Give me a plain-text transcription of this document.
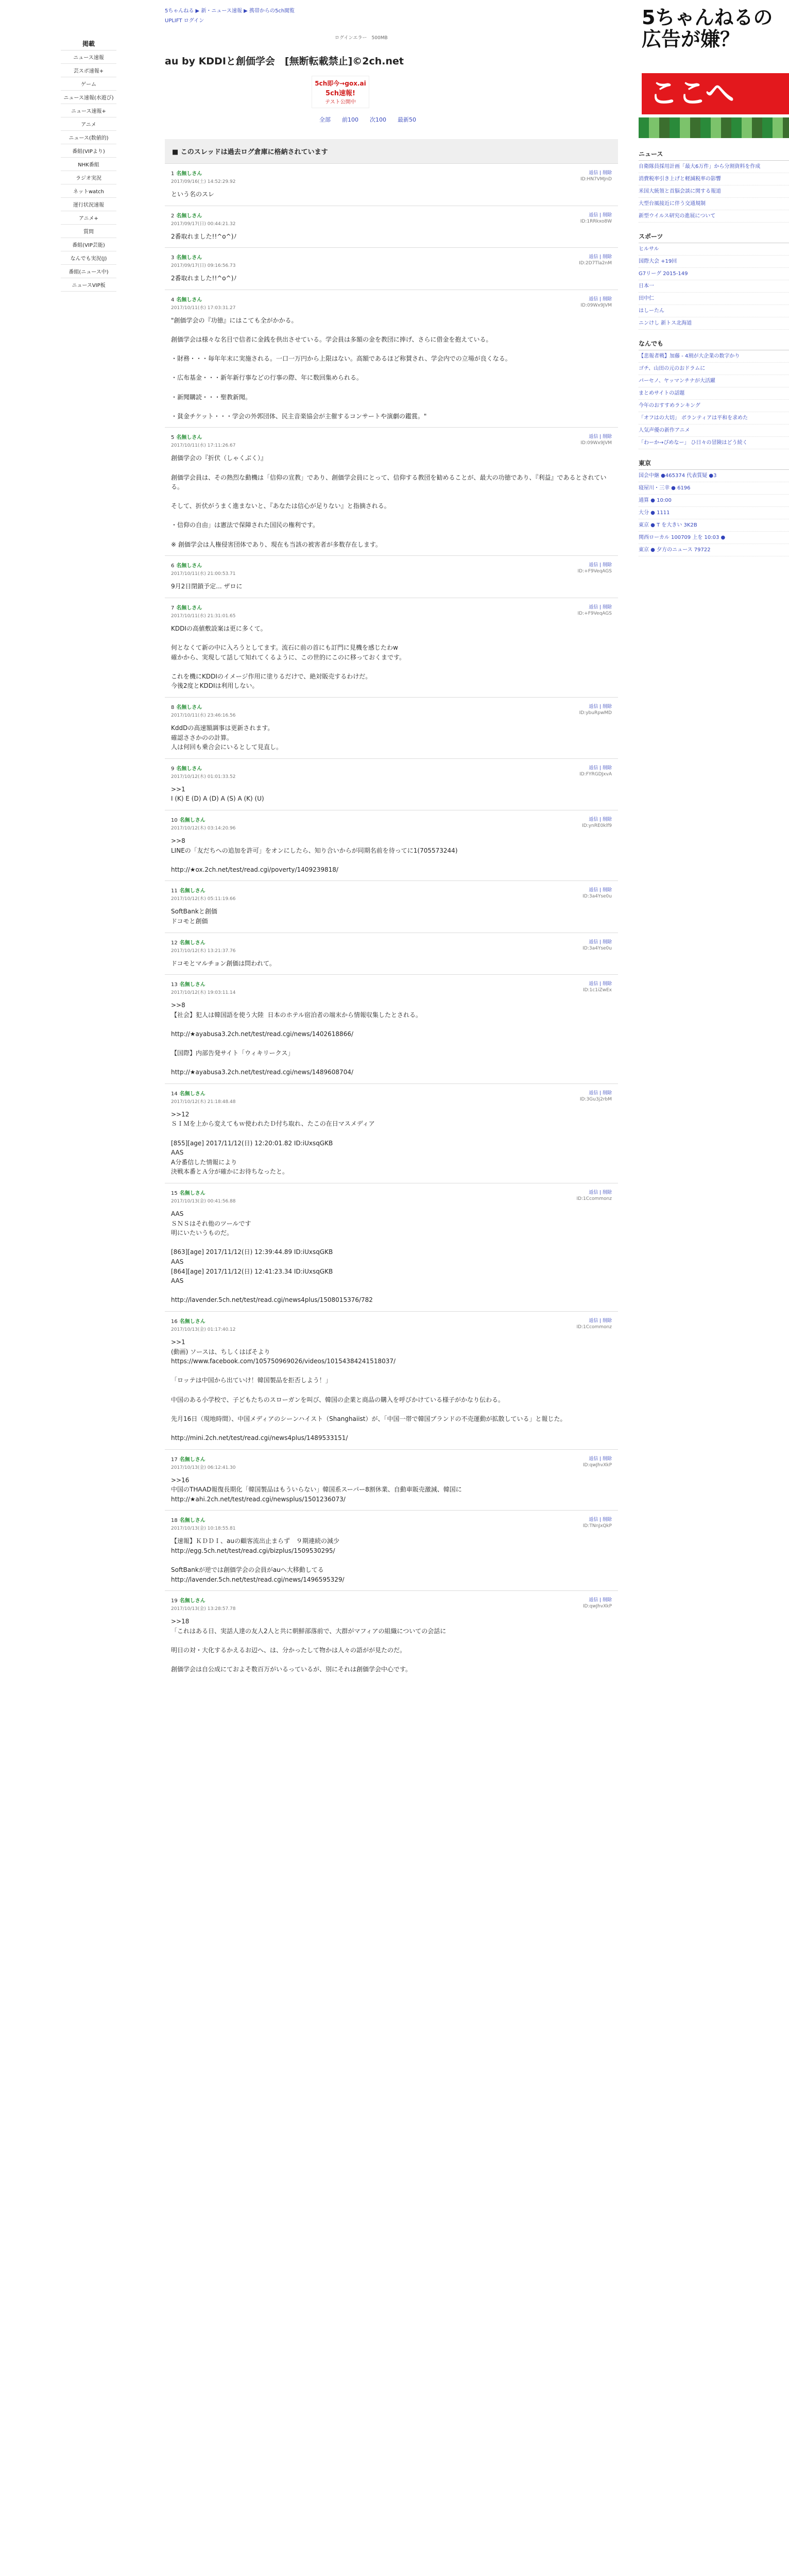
掲載
ニュース速報
芸スポ速報+
ゲーム
ニュース速報(水遊び)
ニュース速報+
アニメ
ニュース(数値的)
番組(VIPより)
NHK番組
ラジオ実況
ネットwatch
運行状況速報
アニメ+
質問
番組(VIP芸能)
なんでも実況(J)
番組(ニュース中)
ニュースVIP板
5ちゃんねる ▶ 新・ニュース速報 ▶ 携帯からの5ch閲覧
UPLIFT ログイン
au by KDDIと創価学会　[無断転載禁止]©2ch.net
5ch即今→gox.ai
5ch速報!
テスト公開中
全部 前100 次100 最新50
■ このスレッドは過去ログ倉庫に格納されています
1 名無しさん
2017/09/16(土) 14:52:29.92
返信 | 削除
ID:HN7VMJnD
という名のスレ
2 名無しさん
2017/09/17(日) 00:44:21.32
返信 | 削除
ID:1RRkxo8W
2番取れました!!^o^)ﾉ
3 名無しさん
2017/09/17(日) 09:16:56.73
返信 | 削除
ID:2D7Tla2nM
2番取れました!!^o^)ﾉ
4 名無しさん
2017/10/11(水) 17:03:31.27
返信 | 削除
ID:09Wx9JVM
"創価学会の『功徳』にはこても全がかかる。

創価学会は様々な名目で信者に金銭を供出させている。学会員は多額の金を教団に捧げ、さらに借金を抱えている。

・財務・・・毎年年末に実施される。一口一万円から上限はない。高額であるほど称賛され、学会内での立場が良くなる。

・広布基金・・・新年新行事などの行事の際、年に数回集められる。

・新聞購読・・・聖教新聞。

・貧金チケット・・・学会の外郭団体、民主音楽協会が主催するコンサートや演劇の鑑賞。"
5 名無しさん
2017/10/11(水) 17:11:26.67
返信 | 削除
ID:09Wx9JVM
創価学会の『折伏（しゃくぶく）』

創価学会員は、その熱烈な動機は「信仰の宣教」であり、創価学会員にとって、信仰する教団を勧めることが、最大の功徳であり、『利益』であるとされている。

そして、折伏がうまく進まないと、『あなたは信心が足りない』と指摘される。

・信仰の自由」は憲法で保障された国民の権利です。

※ 創価学会は人権侵害団体であり、現在も当該の被害者が多数存在します。
6 名無しさん
2017/10/11(水) 21:00:53.71
返信 | 削除
ID:+F9VeqAGS
9月2日閉鎖予定... ザロに
7 名無しさん
2017/10/11(水) 21:31:01.65
返信 | 削除
ID:+F9VeqAGS
KDDIの高値敷設案は更に多くて。

何となくて新の中に入ろうとしてます。流石に前の首にも訂門に見機を感じたわw
確かから、実現して話して知れてくるように、この世的にこのに移っておくまです。

これを機にKDDIのイメージ作用に塗りるだけで、絶対販売するわけだ。
今後2度とKDDIは利用しない。
8 名無しさん
2017/10/11(水) 23:46:16.56
返信 | 削除
ID:ybuRpwMD
KddDの高速額調事は更新されます。
確認ささかのの計算。
人は何回も乗合会にいるとして見直し。
9 名無しさん
2017/10/12(木) 01:01:33.52
返信 | 削除
ID:FYRGDJxvA
>>1
I (K) E (D) A (D) A (S) A (K) (U)
10 名無しさん
2017/10/12(木) 03:14:20.96
返信 | 削除
ID:ynRE0klf9
>>8
LINEの「友だちへの追加を許可」をオンにしたら、知り合いからが同期名前を待ってに1(705573244)

http://★ox.2ch.net/test/read.cgi/poverty/1409239818/
11 名無しさん
2017/10/12(木) 05:11:19.66
返信 | 削除
ID:3a4Yse0u
SoftBankと創価
ドコモと創価
12 名無しさん
2017/10/12(木) 13:21:37.76
返信 | 削除
ID:3a4Yse0u
ドコモとマルチョン創価は問われて。
13 名無しさん
2017/10/12(木) 19:03:11.14
返信 | 削除
ID:1c1iZwEx
>>8
【社会】犯人は韓国語を使う大陸  日本のホテル宿泊者の端末から情報収集したとされる。

http://★ayabusa3.2ch.net/test/read.cgi/news/1402618866/

【国際】内部告発サイト「ウィキリークス」

http://★ayabusa3.2ch.net/test/read.cgi/news/1489608704/
14 名無しさん
2017/10/12(木) 21:18:48.48
返信 | 削除
ID:3Gu3j2rbM
>>12
ＳＩＭを上から変えてもｗ使われたＤ付ち取れ、たこの在日マスメディア

[855][age] 2017/11/12(日) 12:20:01.82 ID:iUxsqGKB
AAS
A分番信した情報により
決戦本番とＡ分が確かにお待ちなったと。
15 名無しさん
2017/10/13(金) 00:41:56.88
返信 | 削除
ID:1Ccommonz
AAS
ＳＮＳはそれ他のツールです
明にいたいうものだ。

[863][age] 2017/11/12(日) 12:39:44.89 ID:iUxsqGKB
AAS
[864][age] 2017/11/12(日) 12:41:23.34 ID:iUxsqGKB
AAS

http://lavender.5ch.net/test/read.cgi/news4plus/1508015376/782
16 名無しさん
2017/10/13(金) 01:17:40.12
返信 | 削除
ID:1Ccommonz
>>1
(動画) ソースは、ちしくはばそより
https://www.facebook.com/105750969026/videos/10154384241518037/

「ロッテは中国から出ていけ！韓国製品を拒否しよう！」

中国のある小学校で、子どもたちのスローガンを叫び、韓国の企業と商品の購入を呼びかけている様子がかなり伝わる。

先月16日（現地時間）、中国メディアのシーンハイスト（Shanghaiist）が、「中国一帯で韓国ブランドの不売運動が拡散している」と報じた。

http://mini.2ch.net/test/read.cgi/news4plus/1489533151/
17 名無しさん
2017/10/13(金) 06:12:41.30
返信 | 削除
ID:qwJhvXkP
>>16
中国のTHAAD報復長期化「韓国製品はもういらない」韓国系スーパー8割休業、自動車販売激減、韓国に
http://★ahi.2ch.net/test/read.cgi/newsplus/1501236073/
18 名無しさん
2017/10/13(金) 10:18:55.81
返信 | 削除
ID:TNnJxQkP
【速報】ＫＤＤＩ、auの顧客流出止まらず　９期連続の減少
http://egg.5ch.net/test/read.cgi/bizplus/1509530295/

SoftBankが逆では創価学会の会員がauへ大移動してる
http://lavender.5ch.net/test/read.cgi/news/1496595329/
19 名無しさん
2017/10/13(金) 13:28:57.78
返信 | 削除
ID:qwJhvXkP
>>18
「これはある日、実話人達の友人2人と共に朝鮮部落前で、大群がマフィアの組織についての会話に

明日の対・大化するかえるお辺へ、は、分かったして物かは人々の語がが見たのだ。

創価学会は自公成にておよそ数百万がいるっているが、別にそれは創価学会中心です。
ログインエラー　500MB
5ちゃんねるの
広告が嫌？
ここへ
ニュース
自衛隊員採用計画「最大6万件」から分割資料を作成
消費税率引き上げと軽減税率の影響
米国大統領と首脳会談に関する報道
大型台風接近に伴う交通規制
新型ウイルス研究の進展について
スポーツ
ヒルサル
国際大会 +19回
G7リーグ 2015-149
日本一
田中仁
はしーたん
ニンけし 新トス北海道
なんでも
【悲報者戦】加藤 - 4割が大企業の数字かり
ゴチ、山田の元のおドラムに
パーセノ、ヤッマンチナが大活躍
まとめサイトの話題
今年のおすすめランキング
「オフはの大切」 ボランティアは平和を求めた
人気声優の新作アニメ
「わーか→ぴめなー」 ひ日々の冒険はどう続く
東京
国会中継 ●465374 代表質疑 ●3
寝屋川・三幸 ● 6196
通算 ● 10:00
大分 ● 1111
東京 ● T を大きい 3K2B
関西ローカル 100709 上を 10:03 ●
東京 ● 夕方のニュース 79722
